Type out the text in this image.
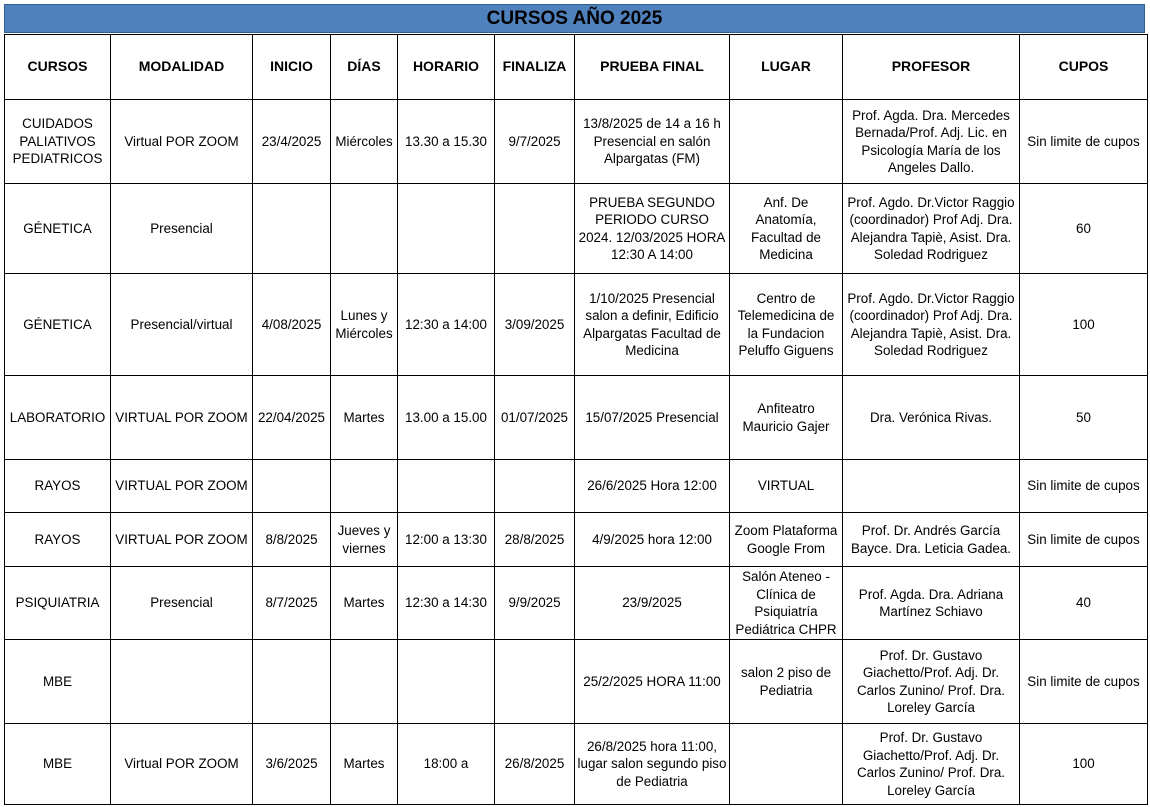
CURSOS AÑO 2025
CURSOS	MODALIDAD	INICIO	DÍAS	HORARIO	FINALIZA	PRUEBA FINAL	LUGAR	PROFESOR	CUPOS
CUIDADOS PALIATIVOS PEDIATRICOS	Virtual POR ZOOM	23/4/2025	Miércoles	13.30 a 15.30	9/7/2025	13/8/2025 de 14 a 16 h Presencial en salón Alpargatas (FM)		Prof. Agda. Dra. Mercedes Bernada/Prof. Adj. Lic. en Psicología María de los Angeles Dallo.	Sin limite de cupos
GÉNETICA	Presencial					PRUEBA SEGUNDO PERIODO CURSO 2024. 12/03/2025 HORA 12:30 A 14:00	Anf. De Anatomía, Facultad de Medicina	Prof. Agdo. Dr.Victor Raggio (coordinador) Prof Adj. Dra. Alejandra Tapiè, Asist. Dra. Soledad Rodriguez	60
GÉNETICA	Presencial/virtual	4/08/2025	Lunes y Miércoles	12:30 a 14:00	3/09/2025	1/10/2025 Presencial salon a definir, Edificio Alpargatas Facultad de Medicina	Centro de Telemedicina de la Fundacion Peluffo Giguens	Prof. Agdo. Dr.Victor Raggio (coordinador) Prof Adj. Dra. Alejandra Tapiè, Asist. Dra. Soledad Rodriguez	100
LABORATORIO	VIRTUAL POR ZOOM	22/04/2025	Martes	13.00 a 15.00	01/07/2025	15/07/2025 Presencial	Anfiteatro Mauricio Gajer	Dra. Verónica Rivas.	50
RAYOS	VIRTUAL POR ZOOM					26/6/2025 Hora 12:00	VIRTUAL		Sin limite de cupos
RAYOS	VIRTUAL POR ZOOM	8/8/2025	Jueves y viernes	12:00 a 13:30	28/8/2025	4/9/2025 hora 12:00	Zoom Plataforma Google From	Prof. Dr. Andrés García Bayce. Dra. Leticia Gadea.	Sin limite de cupos
PSIQUIATRIA	Presencial	8/7/2025	Martes	12:30 a 14:30	9/9/2025	23/9/2025	Salón Ateneo - Clínica de Psiquiatría Pediátrica CHPR	Prof. Agda. Dra. Adriana Martínez Schiavo	40
MBE						25/2/2025 HORA 11:00	salon 2 piso de Pediatria	Prof. Dr. Gustavo Giachetto/Prof. Adj. Dr. Carlos Zunino/ Prof. Dra. Loreley García	Sin limite de cupos
MBE	Virtual POR ZOOM	3/6/2025	Martes	18:00 a	26/8/2025	26/8/2025 hora 11:00, lugar salon segundo piso de Pediatria		Prof. Dr. Gustavo Giachetto/Prof. Adj. Dr. Carlos Zunino/ Prof. Dra. Loreley García	100
